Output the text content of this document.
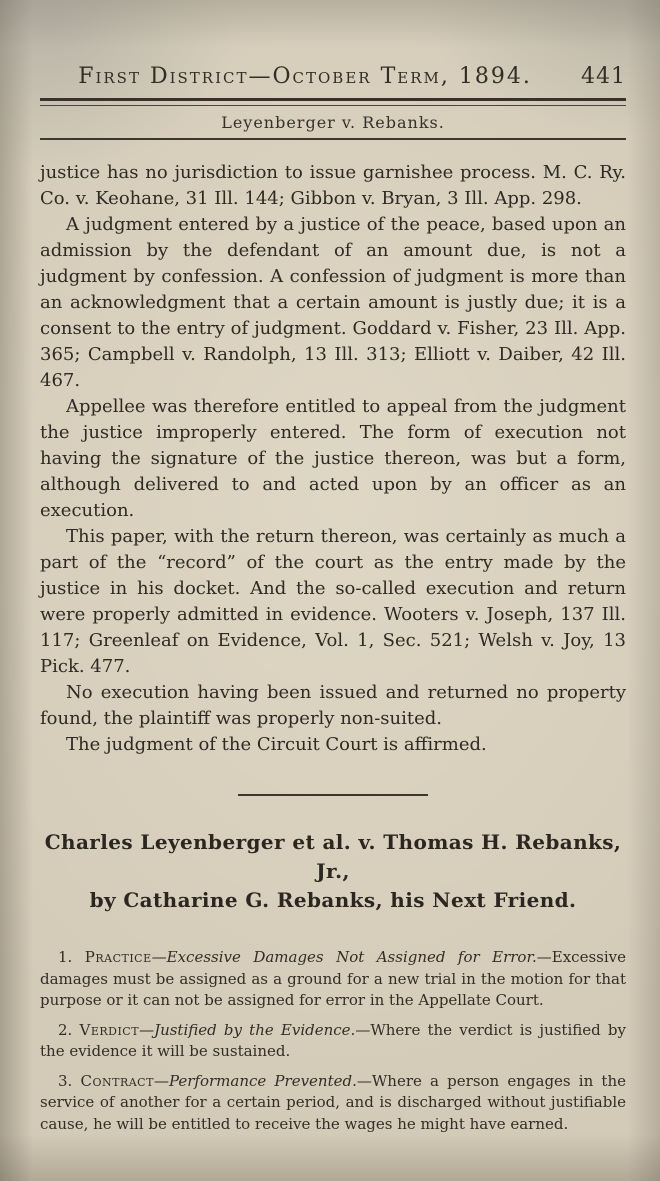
First District—October Term, 1894. 441
Leyenberger v. Rebanks.

justice has no jurisdiction to issue garnishee process. M. C. Ry. Co. v. Keohane, 31 Ill. 144; Gibbon v. Bryan, 3 Ill. App. 298.

A judgment entered by a justice of the peace, based upon an admission by the defendant of an amount due, is not a judgment by confession. A confession of judgment is more than an acknowledgment that a certain amount is justly due; it is a consent to the entry of judgment. Goddard v. Fisher, 23 Ill. App. 365; Campbell v. Randolph, 13 Ill. 313; Elliott v. Daiber, 42 Ill. 467.

Appellee was therefore entitled to appeal from the judgment the justice improperly entered. The form of execution not having the signature of the justice thereon, was but a form, although delivered to and acted upon by an officer as an execution.

This paper, with the return thereon, was certainly as much a part of the “record” of the court as the entry made by the justice in his docket. And the so-called execution and return were properly admitted in evidence. Wooters v. Joseph, 137 Ill. 117; Greenleaf on Evidence, Vol. 1, Sec. 521; Welsh v. Joy, 13 Pick. 477.

No execution having been issued and returned no property found, the plaintiff was properly non-suited.

The judgment of the Circuit Court is affirmed.

Charles Leyenberger et al. v. Thomas H. Rebanks, Jr.,
by Catharine G. Rebanks, his Next Friend.

1. Practice—Excessive Damages Not Assigned for Error.—Excessive damages must be assigned as a ground for a new trial in the motion for that purpose or it can not be assigned for error in the Appellate Court.

2. Verdict—Justified by the Evidence.—Where the verdict is justified by the evidence it will be sustained.

3. Contract—Performance Prevented.—Where a person engages in the service of another for a certain period, and is discharged without justifiable cause, he will be entitled to receive the wages he might have earned.
